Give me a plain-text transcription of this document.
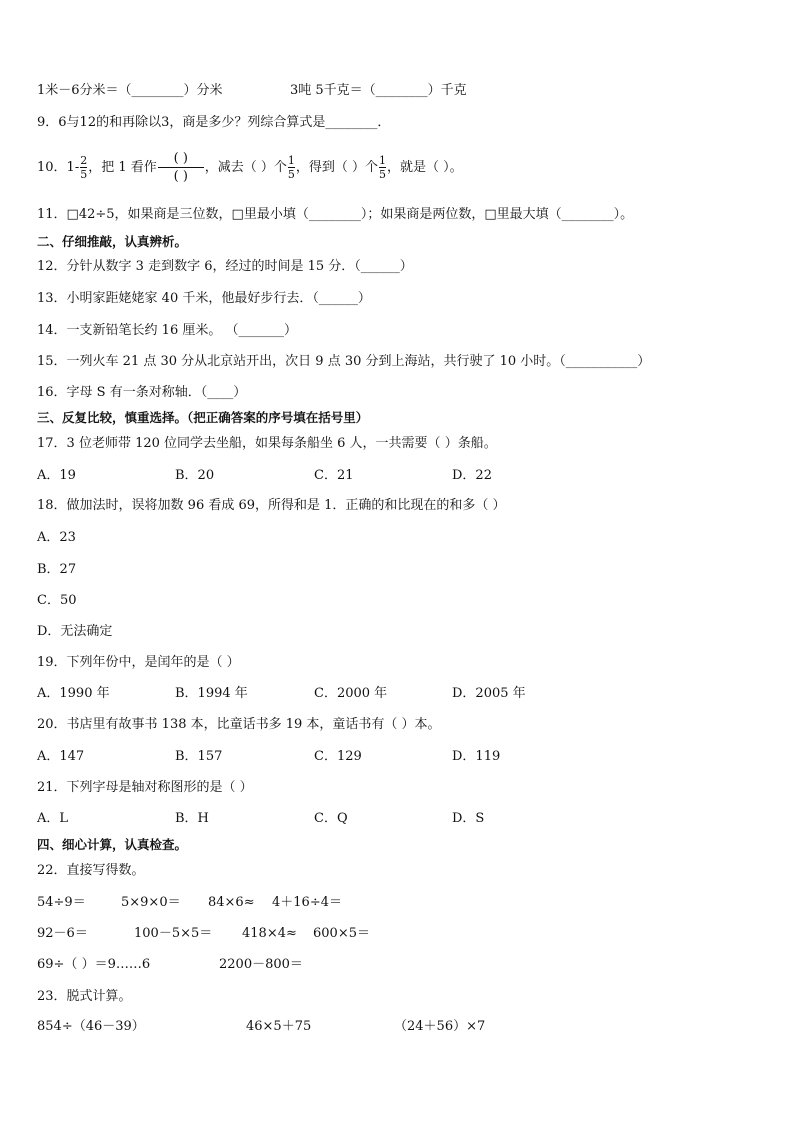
1米－6分米＝（________）分米	3吨 5千克＝（________）千克
9．6与12的和再除以3，商是多少？列综合算式是________．
10．$1- \frac{2}{5}$ ，把 1 看作 $\frac{( )}{( )}$ ，减去（ ）个 $\frac{1}{5}$ ，得到（ ）个 $\frac{1}{5}$ ，就是（ ）。
11．□42÷5，如果商是三位数，□里最小填（________）；如果商是两位数，□里最大填（________）。
二、仔细推敲，认真辨析。
12．分针从数字 3 走到数字 6，经过的时间是 15 分．（______）
13．小明家距姥姥家 40 千米，他最好步行去．（______）
14．一支新铅笔长约 16 厘米。 （_______）
15．一列火车 21 点 30 分从北京站开出，次日 9 点 30 分到上海站，共行驶了 10 小时。（___________）
16．字母 S 有一条对称轴．（____）
三、反复比较，慎重选择。（把正确答案的序号填在括号里）
17．3 位老师带 120 位同学去坐船，如果每条船坐 6 人，一共需要（ ）条船。
A．19	B．20	C．21	D．22
18．做加法时，误将加数 96 看成 69，所得和是 1．正确的和比现在的和多（ ）
A．23
B．27
C．50
D．无法确定
19．下列年份中，是闰年的是（ ）
A．1990 年	B．1994 年	C．2000 年	D．2005 年
20．书店里有故事书 138 本，比童话书多 19 本，童话书有（ ）本。
A．147	B．157	C．129	D．119
21．下列字母是轴对称图形的是（ ）
A．L	B．H	C．Q	D．S
四、细心计算，认真检查。
22．直接写得数。
54÷9＝	5×9×0＝ 84×6≈ 4＋16÷4＝
92－6＝	100－5×5＝ 418×4≈ 600×5＝
69÷（ ）＝9……6	2200－800＝
23．脱式计算。
854÷（46－39）	46×5＋75	（24＋56）×7
